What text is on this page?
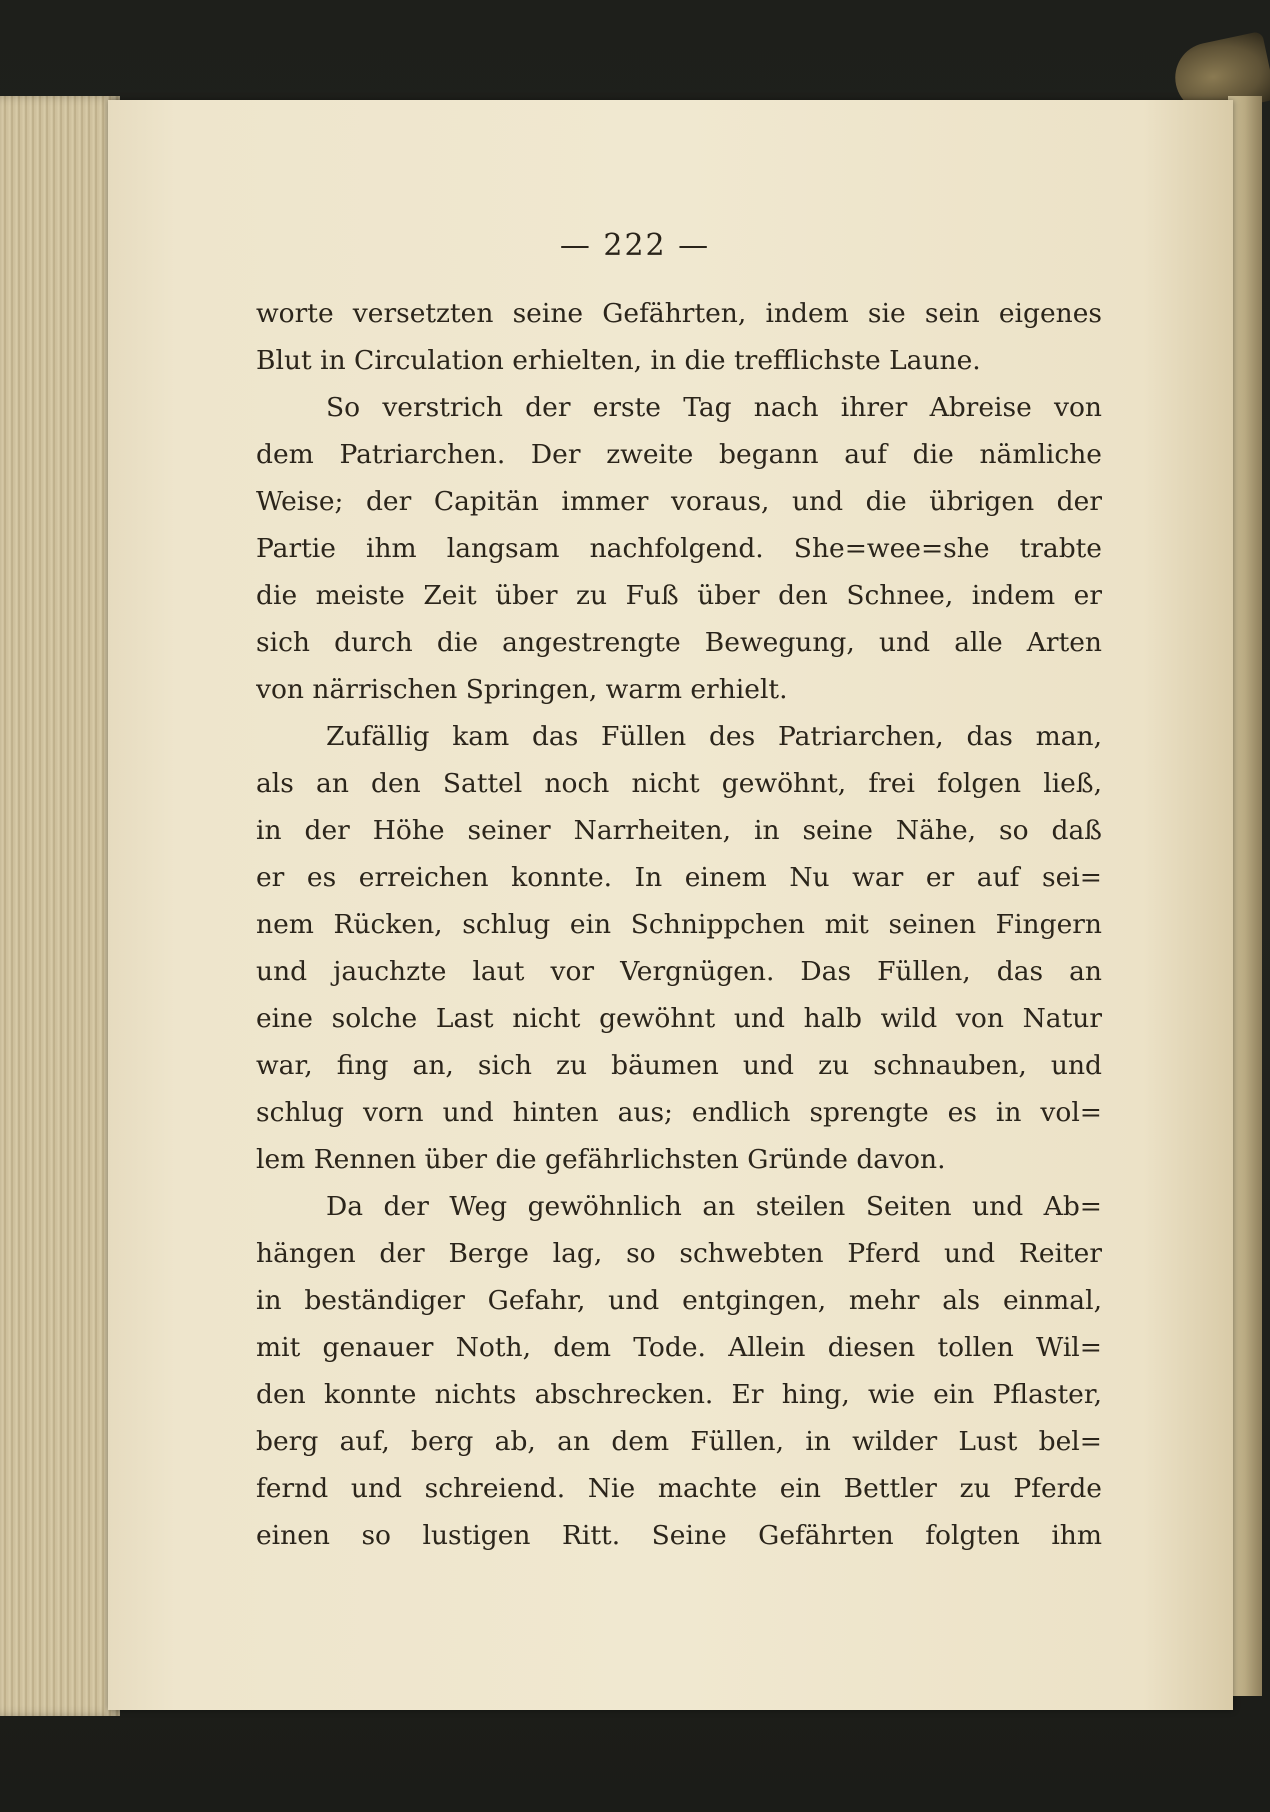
— 222 —
worte versetzten seine Gefährten, indem sie sein eigenes
Blut in Circulation erhielten, in die trefflichste Laune.
So verstrich der erste Tag nach ihrer Abreise von
dem Patriarchen. Der zweite begann auf die nämliche
Weise; der Capitän immer voraus, und die übrigen der
Partie ihm langsam nachfolgend. She=wee=she trabte
die meiste Zeit über zu Fuß über den Schnee, indem er
sich durch die angestrengte Bewegung, und alle Arten
von närrischen Springen, warm erhielt.
Zufällig kam das Füllen des Patriarchen, das man,
als an den Sattel noch nicht gewöhnt, frei folgen ließ,
in der Höhe seiner Narrheiten, in seine Nähe, so daß
er es erreichen konnte. In einem Nu war er auf sei=
nem Rücken, schlug ein Schnippchen mit seinen Fingern
und jauchzte laut vor Vergnügen. Das Füllen, das an
eine solche Last nicht gewöhnt und halb wild von Natur
war, fing an, sich zu bäumen und zu schnauben, und
schlug vorn und hinten aus; endlich sprengte es in vol=
lem Rennen über die gefährlichsten Gründe davon.
Da der Weg gewöhnlich an steilen Seiten und Ab=
hängen der Berge lag, so schwebten Pferd und Reiter
in beständiger Gefahr, und entgingen, mehr als einmal,
mit genauer Noth, dem Tode. Allein diesen tollen Wil=
den konnte nichts abschrecken. Er hing, wie ein Pflaster,
berg auf, berg ab, an dem Füllen, in wilder Lust bel=
fernd und schreiend. Nie machte ein Bettler zu Pferde
einen so lustigen Ritt. Seine Gefährten folgten ihm
